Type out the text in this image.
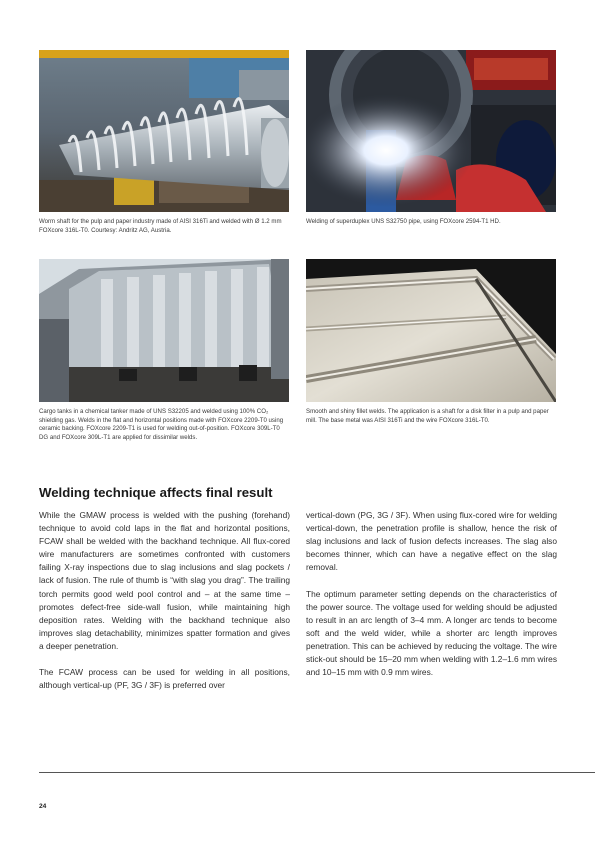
Worm shaft for the pulp and paper industry made of AISI 316Ti and welded with Ø 1.2 mm FOXcore 316L-T0. Courtesy: Andritz AG, Austria.

Welding of superduplex UNS S32750 pipe, using FOXcore 2594-T1 HD.

Cargo tanks in a chemical tanker made of UNS S32205 and welded using 100% CO₂ shielding gas. Welds in the flat and horizontal positions made with FOXcore 2209-T0 using ceramic backing. FOXcore 2209-T1 is used for welding out-of-position. FOXcore 309L-T0 DG and FOXcore 309L-T1 are applied for dissimilar welds.

Smooth and shiny fillet welds. The application is a shaft for a disk filter in a pulp and paper mill. The base metal was AISI 316Ti and the wire FOXcore 316L-T0.

Welding technique affects final result

While the GMAW process is welded with the pushing (forehand) technique to avoid cold laps in the flat and horizontal positions, FCAW shall be welded with the backhand technique. All flux-cored wire manufacturers are sometimes confronted with customers failing X-ray inspections due to slag inclusions and slag pockets / lack of fusion. The rule of thumb is “with slag you drag”. The trailing torch permits good weld pool control and – at the same time – promotes defect-free side-wall fusion, while maintaining high deposition rates. Welding with the backhand technique also improves slag detachability, minimizes spatter formation and gives a deeper penetration.

The FCAW process can be used for welding in all positions, although vertical-up (PF, 3G / 3F) is preferred over

vertical-down (PG, 3G / 3F). When using flux-cored wire for welding vertical-down, the penetration profile is shallow, hence the risk of slag inclusions and lack of fusion defects increases. The slag also becomes thinner, which can have a negative effect on the slag removal.

The optimum parameter setting depends on the characteristics of the power source. The voltage used for welding should be adjusted to result in an arc length of 3–4 mm. A longer arc tends to become soft and the weld wider, while a shorter arc length improves penetration. This can be achieved by reducing the voltage. The wire stick-out should be 15–20 mm when welding with 1.2–1.6 mm wires and 10–15 mm with 0.9 mm wires.

24
